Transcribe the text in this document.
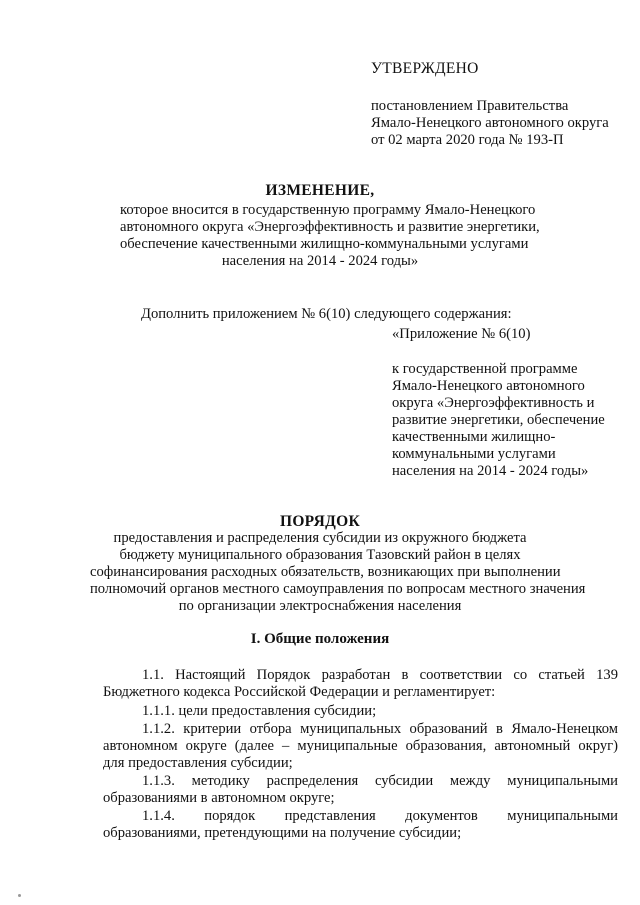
УТВЕРЖДЕНО
постановлением Правительства
Ямало-Ненецкого автономного округа
от 02 марта 2020 года № 193-П
ИЗМЕНЕНИЕ,
которое вносится в государственную программу Ямало-Ненецкого
автономного округа «Энергоэффективность и развитие энергетики,
обеспечение качественными жилищно-коммунальными услугами
населения на 2014 - 2024 годы»
Дополнить приложением № 6(10) следующего содержания:
«Приложение № 6(10)
к государственной программе
Ямало-Ненецкого автономного
округа «Энергоэффективность и
развитие энергетики, обеспечение
качественными жилищно-
коммунальными услугами
населения на 2014 - 2024 годы»
ПОРЯДОК
предоставления и распределения субсидии из окружного бюджета
бюджету муниципального образования Тазовский район в целях
софинансирования расходных обязательств, возникающих при выполнении
полномочий органов местного самоуправления по вопросам местного значения
по организации электроснабжения населения
I. Общие положения
1.1. Настоящий Порядок разработан в соответствии со статьей 139
Бюджетного кодекса Российской Федерации и регламентирует:
1.1.1. цели предоставления субсидии;
1.1.2. критерии отбора муниципальных образований в Ямало-Ненецком
автономном округе (далее – муниципальные образования, автономный округ)
для предоставления субсидии;
1.1.3. методику распределения субсидии между муниципальными
образованиями в автономном округе;
1.1.4. порядок представления документов муниципальными
образованиями, претендующими на получение субсидии;
